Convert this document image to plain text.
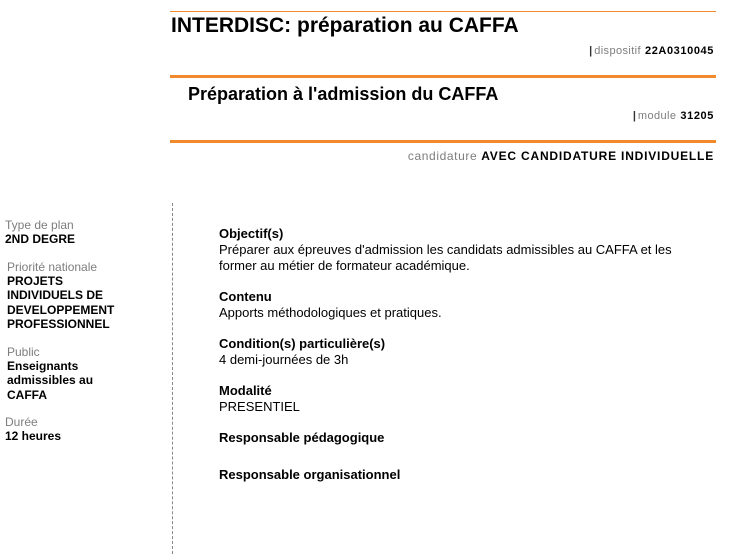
INTERDISC: préparation au CAFFA
| dispositif 22A0310045
Préparation à l'admission du CAFFA
| module 31205
candidature AVEC CANDIDATURE INDIVIDUELLE
Type de plan
2ND DEGRE
Priorité nationale
PROJETS
INDIVIDUELS DE
DEVELOPPEMENT
PROFESSIONNEL
Public
Enseignants
admissibles au
CAFFA
Durée
12 heures
Objectif(s)
Préparer aux épreuves d'admission les candidats admissibles au CAFFA et les
former au métier de formateur académique.
Contenu
Apports méthodologiques et pratiques.
Condition(s) particulière(s)
4 demi-journées de 3h
Modalité
PRESENTIEL
Responsable pédagogique
Responsable organisationnel
